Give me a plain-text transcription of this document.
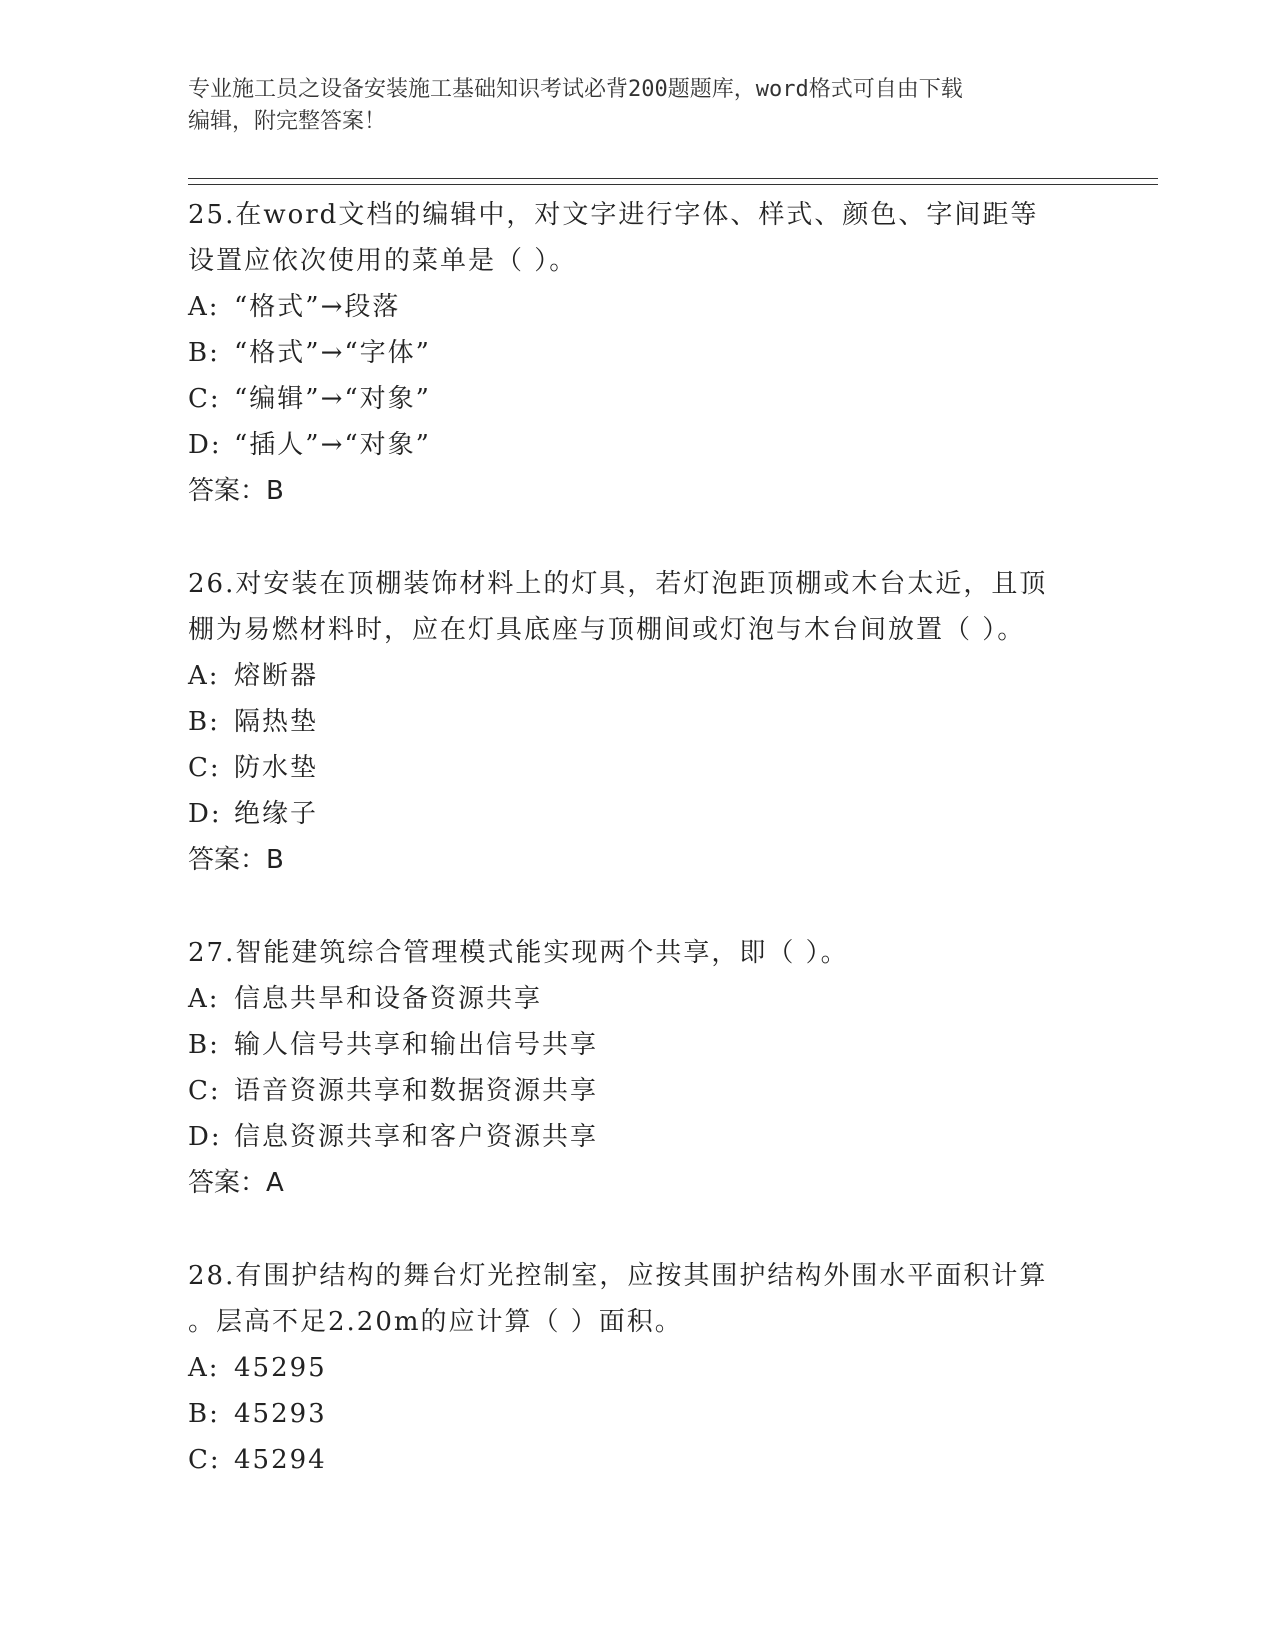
专业施工员之设备安装施工基础知识考试必背200题题库，word格式可自由下载
编辑，附完整答案！
25.在word文档的编辑中，对文字进行字体、样式、颜色、字间距等
设置应依次使用的菜单是（ ）。
A: “格式”→段落
B: “格式”→“字体”
C: “编辑”→“对象”
D: “插人”→“对象”
答案：B
26.对安装在顶棚装饰材料上的灯具，若灯泡距顶棚或木台太近，且顶
棚为易燃材料时，应在灯具底座与顶棚间或灯泡与木台间放置（ ）。
A: 熔断器
B: 隔热垫
C: 防水垫
D: 绝缘子
答案：B
27.智能建筑综合管理模式能实现两个共享，即（ ）。
A: 信息共旱和设备资源共享
B: 输人信号共享和输出信号共享
C: 语音资源共享和数据资源共享
D: 信息资源共享和客户资源共享
答案：A
28.有围护结构的舞台灯光控制室，应按其围护结构外围水平面积计算
。层高不足2.20m的应计算（ ）面积。
A: 45295
B: 45293
C: 45294
